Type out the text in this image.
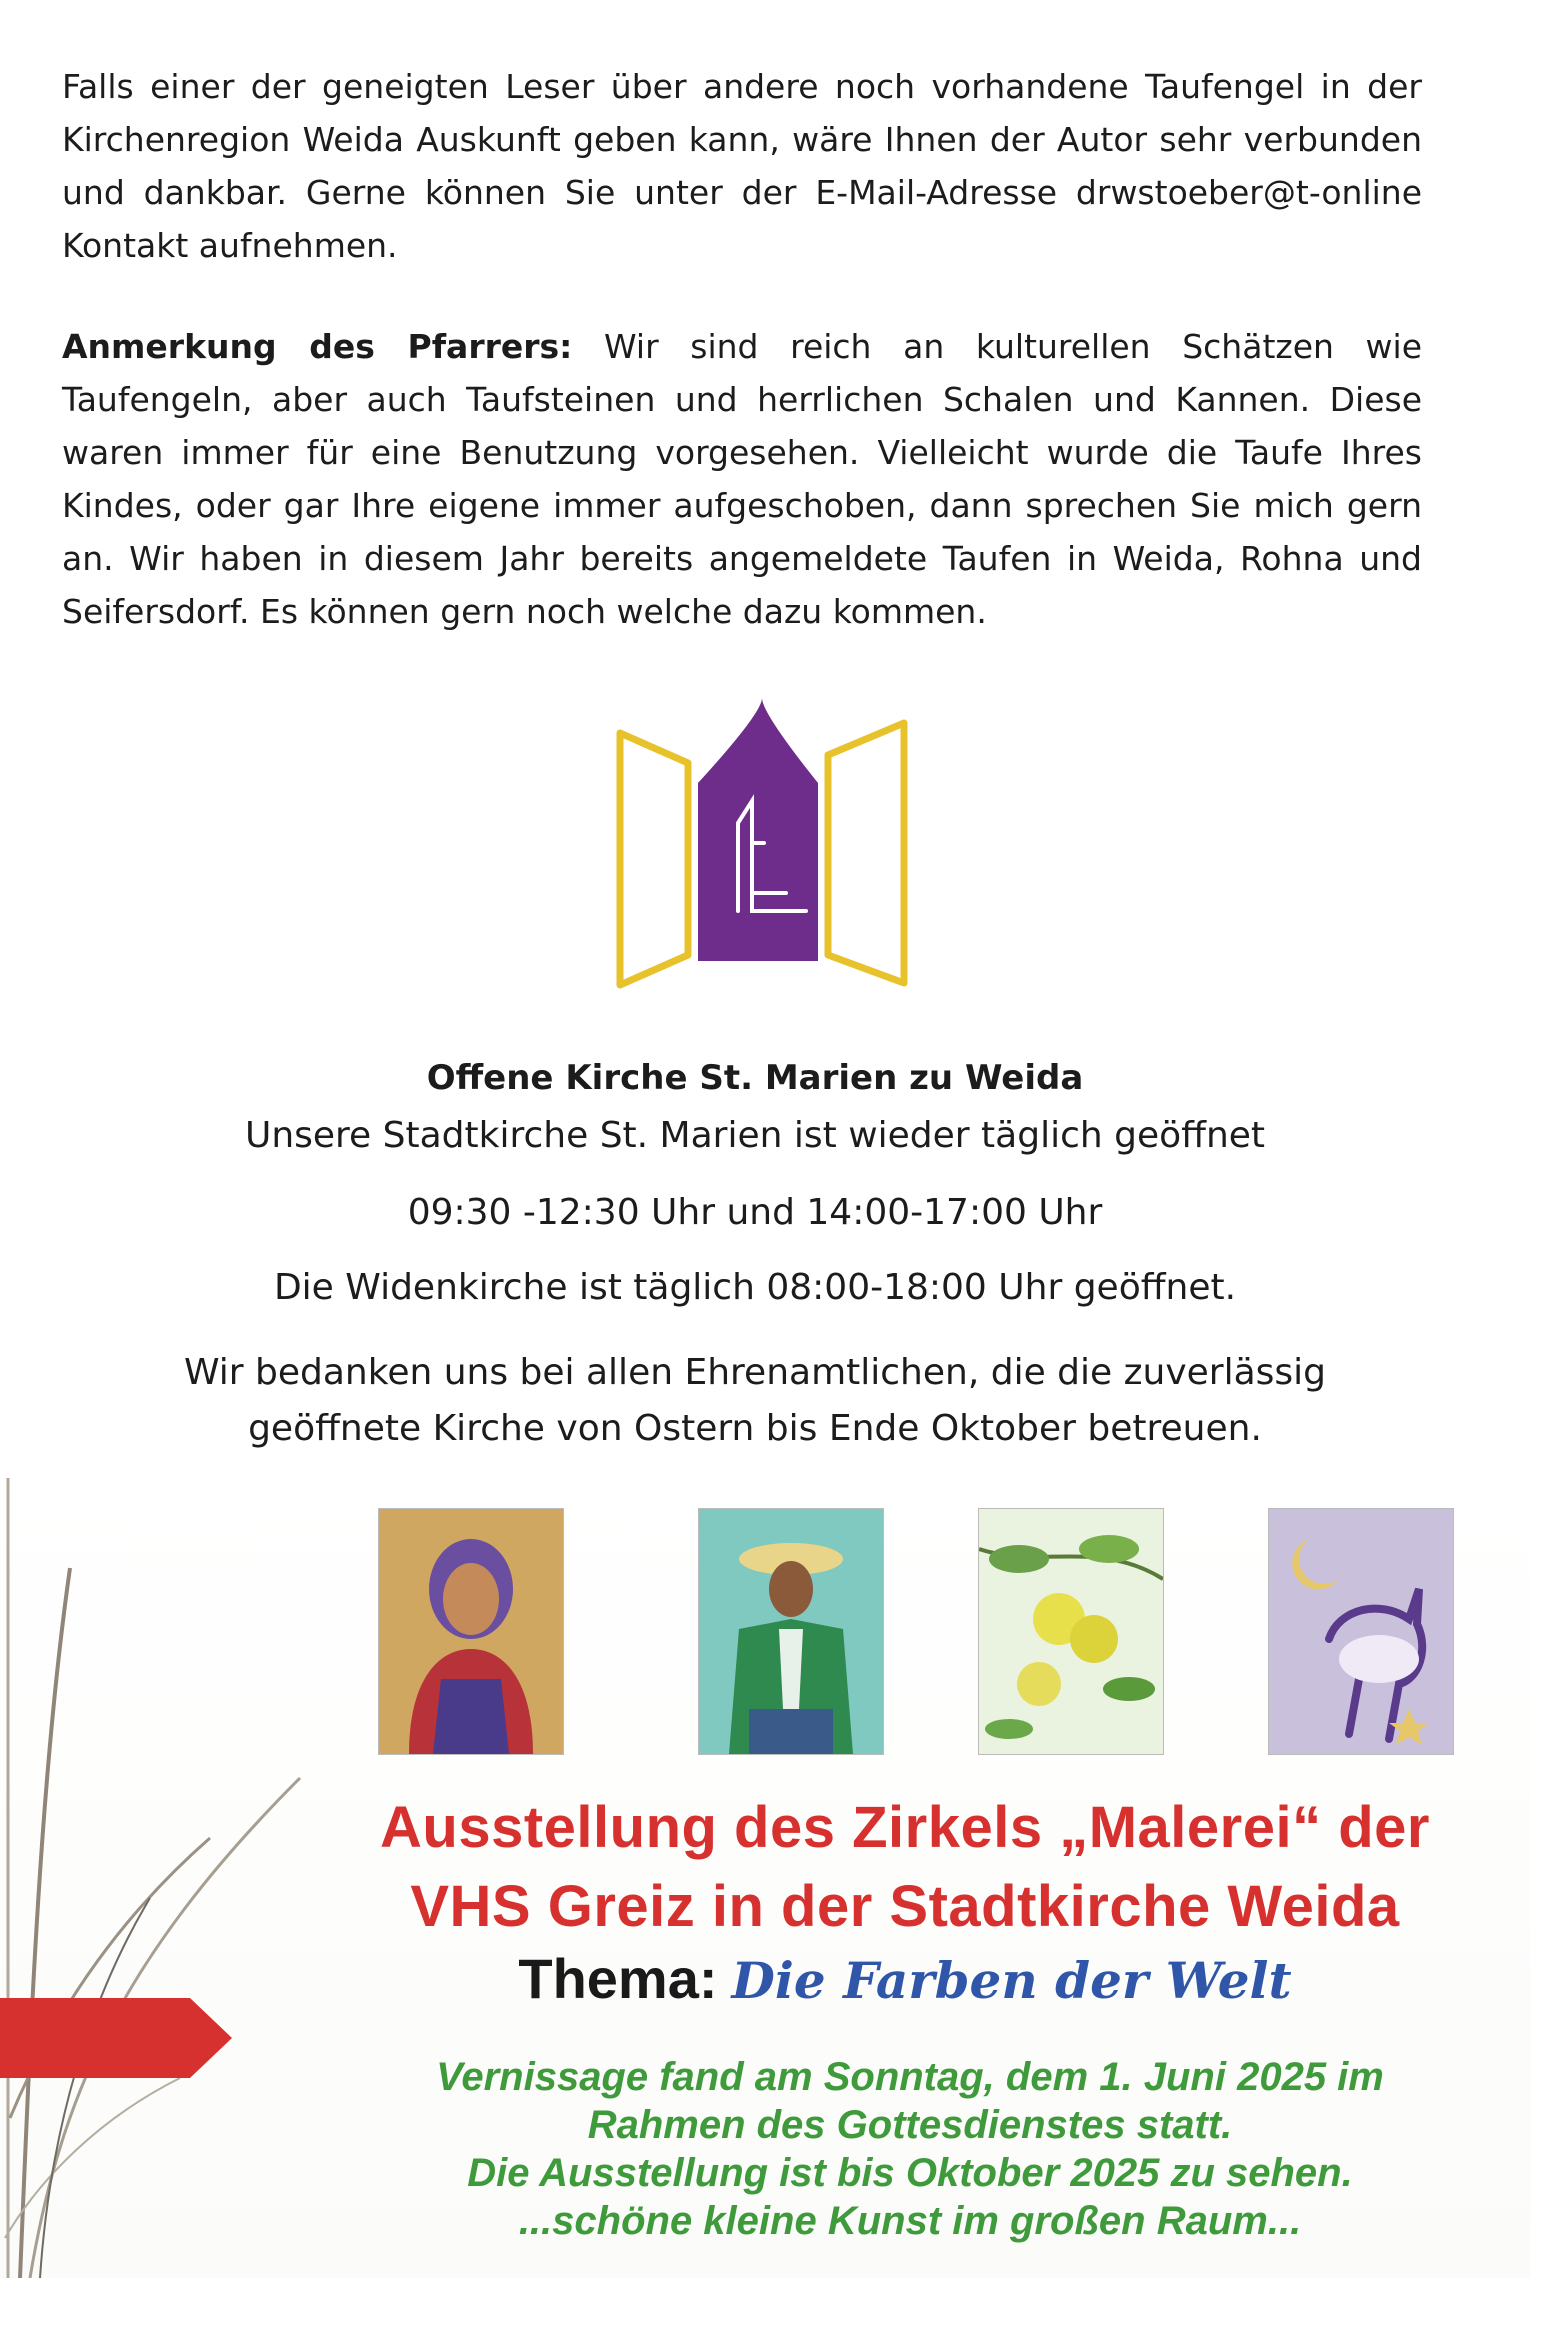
Falls einer der geneigten Leser über andere noch vorhandene Taufengel in der Kirchenregion Weida Auskunft geben kann, wäre Ihnen der Autor sehr verbunden und dankbar. Gerne können Sie unter der E-Mail-Adresse drwstoeber@t-online Kontakt aufnehmen.

Anmerkung des Pfarrers: Wir sind reich an kulturellen Schätzen wie Taufengeln, aber auch Taufsteinen und herrlichen Schalen und Kannen. Diese waren immer für eine Benutzung vorgesehen. Vielleicht wurde die Taufe Ihres Kindes, oder gar Ihre eigene immer aufgeschoben, dann sprechen Sie mich gern an. Wir haben in diesem Jahr bereits angemeldete Taufen in Weida, Rohna und Seifersdorf. Es können gern noch welche dazu kommen.

Offene Kirche St. Marien zu Weida

Unsere Stadtkirche St. Marien ist wieder täglich geöffnet

09:30 -12:30 Uhr und 14:00-17:00 Uhr

Die Widenkirche ist täglich 08:00-18:00 Uhr geöffnet.

Wir bedanken uns bei allen Ehrenamtlichen, die die zuverlässig
geöffnete Kirche von Ostern bis Ende Oktober betreuen.

Ausstellung des Zirkels „Malerei“ der

VHS Greiz in der Stadtkirche Weida

Thema: Die Farben der Welt

Vernissage fand am Sonntag, dem 1. Juni 2025 im

Rahmen des Gottesdienstes statt.

Die Ausstellung ist bis Oktober 2025 zu sehen.

...schöne kleine Kunst im großen Raum...
